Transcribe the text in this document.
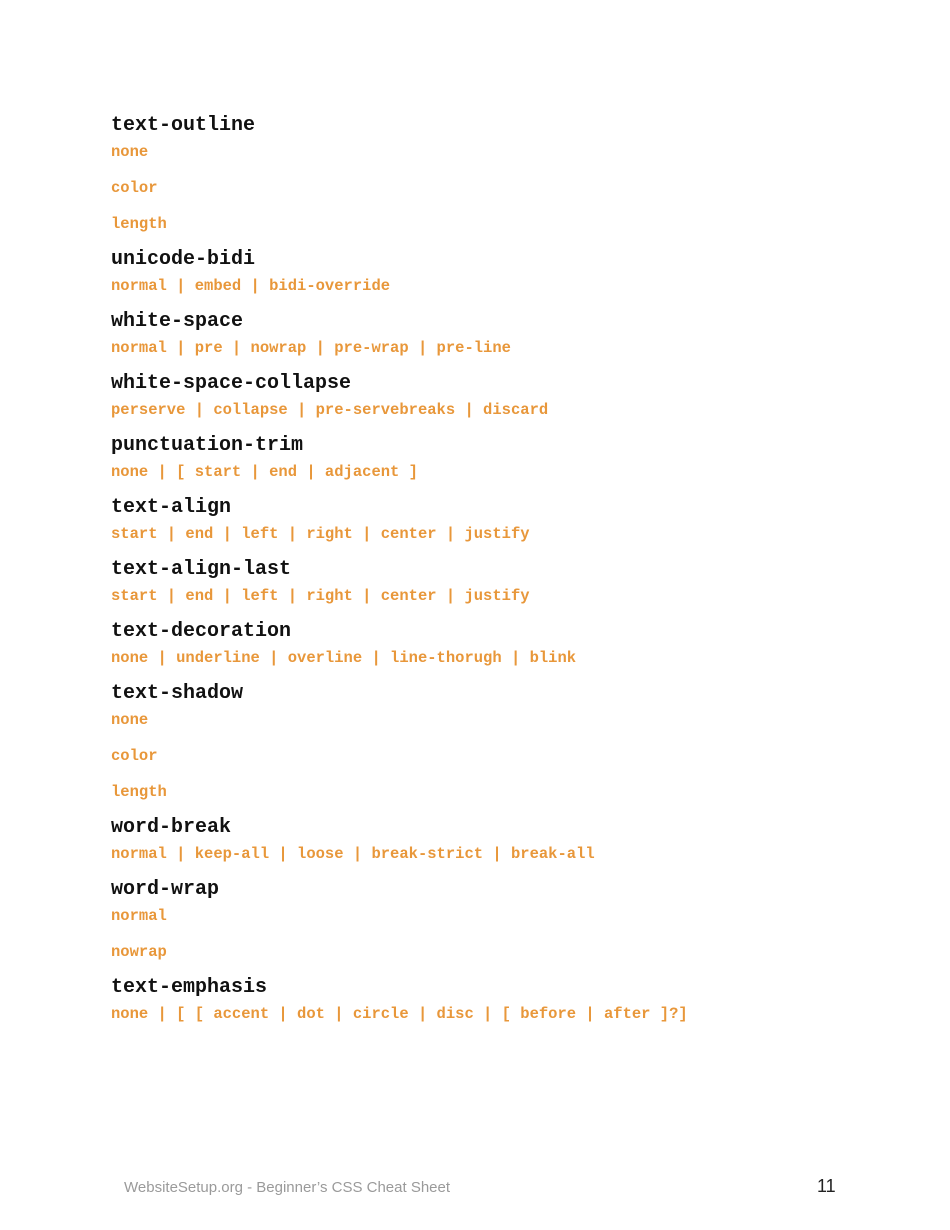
text-outline
none
color
length
unicode-bidi
normal | embed | bidi-override
white-space
normal | pre | nowrap | pre-wrap | pre-line
white-space-collapse
perserve | collapse | pre-servebreaks | discard
punctuation-trim
none | [ start | end | adjacent ]
text-align
start | end | left | right | center | justify
text-align-last
start | end | left | right | center | justify
text-decoration
none | underline | overline | line-thorugh | blink
text-shadow
none
color
length
word-break
normal | keep-all | loose | break-strict | break-all
word-wrap
normal
nowrap
text-emphasis
none | [ [ accent | dot | circle | disc | [ before | after ]?]
WebsiteSetup.org - Beginner’s CSS Cheat Sheet	11
